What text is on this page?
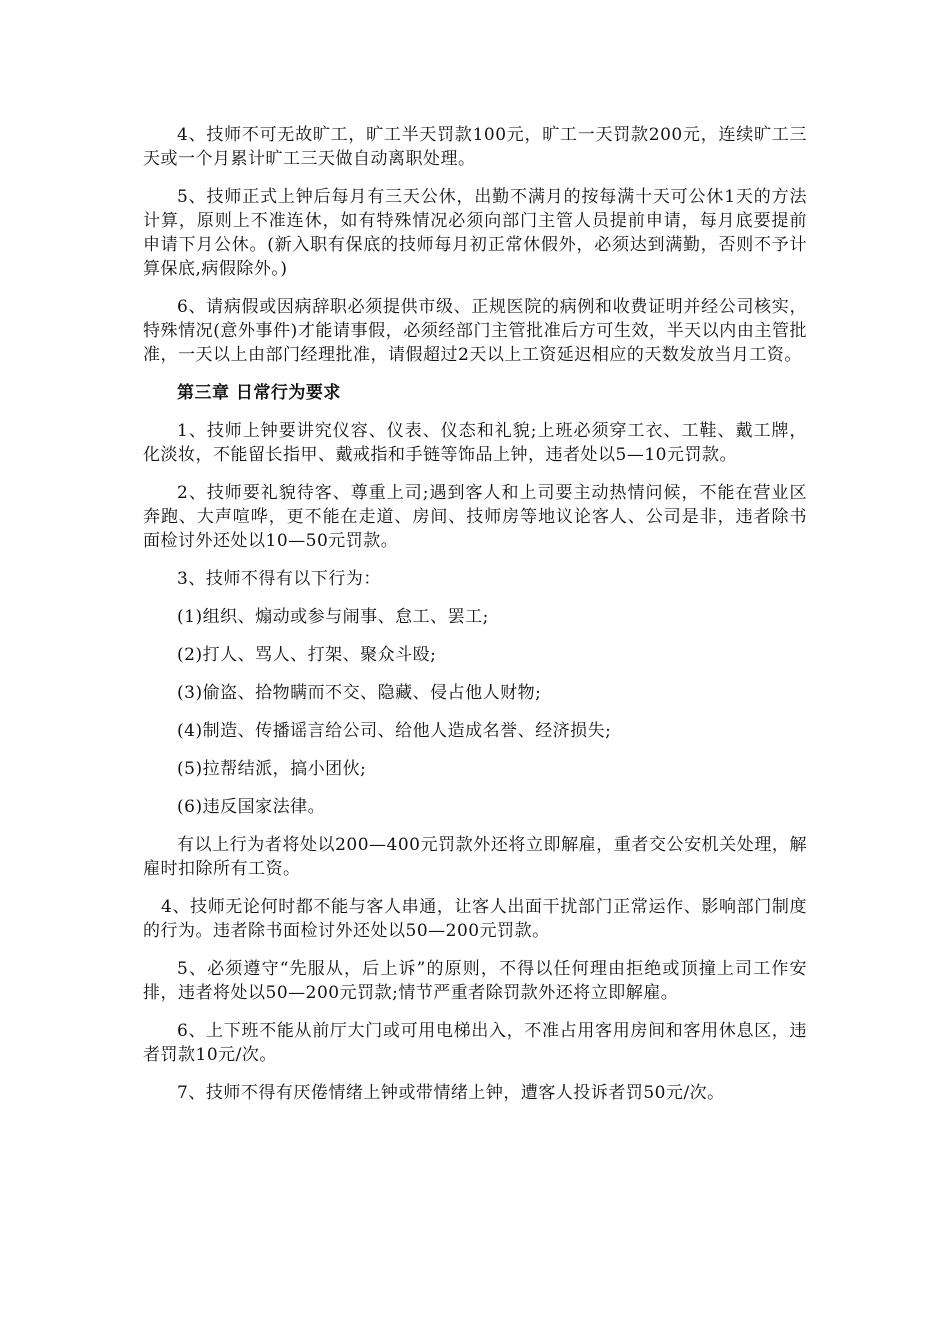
4、技师不可无故旷工，旷工半天罚款100元，旷工一天罚款200元，连续旷工三天或一个月累计旷工三天做自动离职处理。

5、技师正式上钟后每月有三天公休，出勤不满月的按每满十天可公休1天的方法计算，原则上不准连休，如有特殊情况必须向部门主管人员提前申请，每月底要提前申请下月公休。(新入职有保底的技师每月初正常休假外，必须达到满勤，否则不予计算保底,病假除外。)

6、请病假或因病辞职必须提供市级、正规医院的病例和收费证明并经公司核实，特殊情况(意外事件)才能请事假，必须经部门主管批准后方可生效，半天以内由主管批准，一天以上由部门经理批准，请假超过2天以上工资延迟相应的天数发放当月工资。

第三章 日常行为要求

1、技师上钟要讲究仪容、仪表、仪态和礼貌;上班必须穿工衣、工鞋、戴工牌，化淡妆，不能留长指甲、戴戒指和手链等饰品上钟，违者处以5—10元罚款。

2、技师要礼貌待客、尊重上司;遇到客人和上司要主动热情问候，不能在营业区奔跑、大声喧哗，更不能在走道、房间、技师房等地议论客人、公司是非，违者除书面检讨外还处以10—50元罚款。

3、技师不得有以下行为：

(1)组织、煽动或参与闹事、怠工、罢工;

(2)打人、骂人、打架、聚众斗殴;

(3)偷盗、拾物瞒而不交、隐藏、侵占他人财物;

(4)制造、传播谣言给公司、给他人造成名誉、经济损失;

(5)拉帮结派，搞小团伙;

(6)违反国家法律。

有以上行为者将处以200—400元罚款外还将立即解雇，重者交公安机关处理，解雇时扣除所有工资。

4、技师无论何时都不能与客人串通，让客人出面干扰部门正常运作、影响部门制度的行为。违者除书面检讨外还处以50—200元罚款。

5、必须遵守“先服从，后上诉”的原则，不得以任何理由拒绝或顶撞上司工作安排，违者将处以50—200元罚款;情节严重者除罚款外还将立即解雇。

6、上下班不能从前厅大门或可用电梯出入，不准占用客用房间和客用休息区，违者罚款10元/次。

7、技师不得有厌倦情绪上钟或带情绪上钟，遭客人投诉者罚50元/次。
